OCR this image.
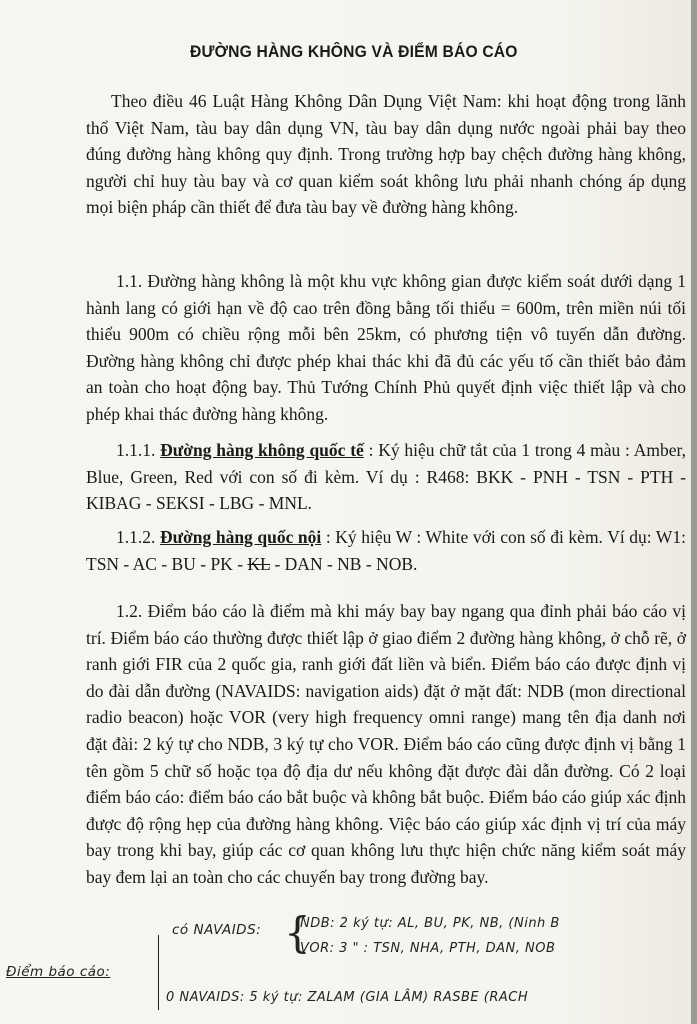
ĐƯỜNG HÀNG KHÔNG VÀ ĐIỂM BÁO CÁO

Theo điều 46 Luật Hàng Không Dân Dụng Việt Nam: khi hoạt động trong lãnh thổ Việt Nam, tàu bay dân dụng VN, tàu bay dân dụng nước ngoài phải bay theo đúng đường hàng không quy định. Trong trường hợp bay chệch đường hàng không, người chỉ huy tàu bay và cơ quan kiểm soát không lưu phải nhanh chóng áp dụng mọi biện pháp cần thiết để đưa tàu bay về đường hàng không.

1.1. Đường hàng không là một khu vực không gian được kiểm soát dưới dạng 1 hành lang có giới hạn về độ cao trên đồng bằng tối thiểu = 600m, trên miền núi tối thiểu 900m có chiều rộng mỗi bên 25km, có phương tiện vô tuyến dẫn đường. Đường hàng không chỉ được phép khai thác khi đã đủ các yếu tố cần thiết bảo đảm an toàn cho hoạt động bay. Thủ Tướng Chính Phủ quyết định việc thiết lập và cho phép khai thác đường hàng không.

1.1.1. Đường hàng không quốc tế : Ký hiệu chữ tắt của 1 trong 4 màu : Amber, Blue, Green, Red với con số đi kèm. Ví dụ : R468: BKK - PNH - TSN - PTH - KIBAG - SEKSI - LBG - MNL.

1.1.2. Đường hàng quốc nội : Ký hiệu W : White với con số đi kèm. Ví dụ: W1: TSN - AC - BU - PK - KL - DAN - NB - NOB.

1.2. Điểm báo cáo là điểm mà khi máy bay bay ngang qua đỉnh phải báo cáo vị trí. Điểm báo cáo thường được thiết lập ở giao điểm 2 đường hàng không, ở chỗ rẽ, ở ranh giới FIR của 2 quốc gia, ranh giới đất liền và biển. Điểm báo cáo được định vị do đài dẫn đường (NAVAIDS: navigation aids) đặt ở mặt đất: NDB (mon directional radio beacon) hoặc VOR (very high frequency omni range) mang tên địa danh nơi đặt đài: 2 ký tự cho NDB, 3 ký tự cho VOR. Điểm báo cáo cũng được định vị bằng 1 tên gồm 5 chữ số hoặc tọa độ địa dư nếu không đặt được đài dẫn đường. Có 2 loại điểm báo cáo: điểm báo cáo bắt buộc và không bắt buộc. Điểm báo cáo giúp xác định được độ rộng hẹp của đường hàng không. Việc báo cáo giúp xác định vị trí của máy bay trong khi bay, giúp các cơ quan không lưu thực hiện chức năng kiểm soát máy bay đem lại an toàn cho các chuyến bay trong đường bay.

Điểm báo cáo:
có NAVAIDS: {
NDB: 2 ký tự: AL, BU, PK, NB, (Ninh B
VOR: 3 " : TSN, NHA, PTH, DAN, NOB
0 NAVAIDS: 5 ký tự: ZALAM (GIA LÂM) RASBE (RACH
